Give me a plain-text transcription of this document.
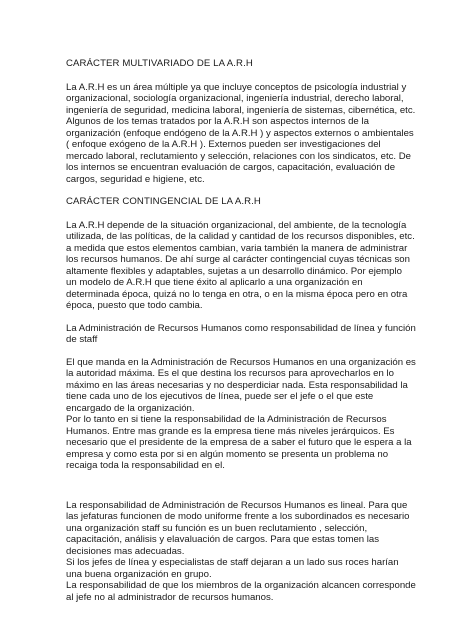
CARÁCTER MULTIVARIADO DE LA A.R.H
La A.R.H es un área múltiple ya que incluye conceptos de psicología industrial y
organizacional, sociología organizacional, ingeniería industrial, derecho laboral,
ingeniería de seguridad, medicina laboral, ingeniería de sistemas, cibernética, etc.
Algunos de los temas tratados por la A.R.H son aspectos internos de la
organización (enfoque endógeno de la A.R.H ) y aspectos externos o ambientales
( enfoque exógeno de la A.R.H ). Externos pueden ser investigaciones del
mercado laboral, reclutamiento y selección, relaciones con los sindicatos, etc. De
los internos se encuentran evaluación de cargos, capacitación, evaluación de
cargos, seguridad e higiene, etc.
CARÁCTER CONTINGENCIAL DE LA A.R.H
La A.R.H depende de la situación organizacional, del ambiente, de la tecnología
utilizada, de las políticas, de la calidad y cantidad de los recursos disponibles, etc.
a medida que estos elementos cambian, varia también la manera de administrar
los recursos humanos. De ahí surge al carácter contingencial cuyas técnicas son
altamente flexibles y adaptables, sujetas a un desarrollo dinámico. Por ejemplo
un modelo de A.R.H que tiene éxito al aplicarlo a una organización en
determinada época, quizá no lo tenga en otra, o en la misma época pero en otra
época, puesto que todo cambia.
La Administración de Recursos Humanos como responsabilidad de línea y función
de staff
El que manda en la Administración de Recursos Humanos en una organización es
la autoridad máxima. Es el que destina los recursos para aprovecharlos en lo
máximo en las áreas necesarias y no desperdiciar nada. Esta responsabilidad la
tiene cada uno de los ejecutivos de línea, puede ser el jefe o el que este
encargado de la organización.
Por lo tanto en si tiene la responsabilidad de la Administración de Recursos
Humanos. Entre mas grande es la empresa tiene más niveles jerárquicos. Es
necesario que el presidente de la empresa de a saber el futuro que le espera a la
empresa y como esta por si en algún momento se presenta un problema no
recaiga toda la responsabilidad en el.
La responsabilidad de Administración de Recursos Humanos es lineal. Para que
las jefaturas funcionen de modo uniforme frente a los subordinados es necesario
una organización staff su función es un buen reclutamiento , selección,
capacitación, análisis y elavaluación de cargos. Para que estas tomen las
decisiones mas adecuadas.
Si los jefes de línea y especialistas de staff dejaran a un lado sus roces harían
una buena organización en grupo.
La responsabilidad de que los miembros de la organización alcancen corresponde
al jefe no al administrador de recursos humanos.
